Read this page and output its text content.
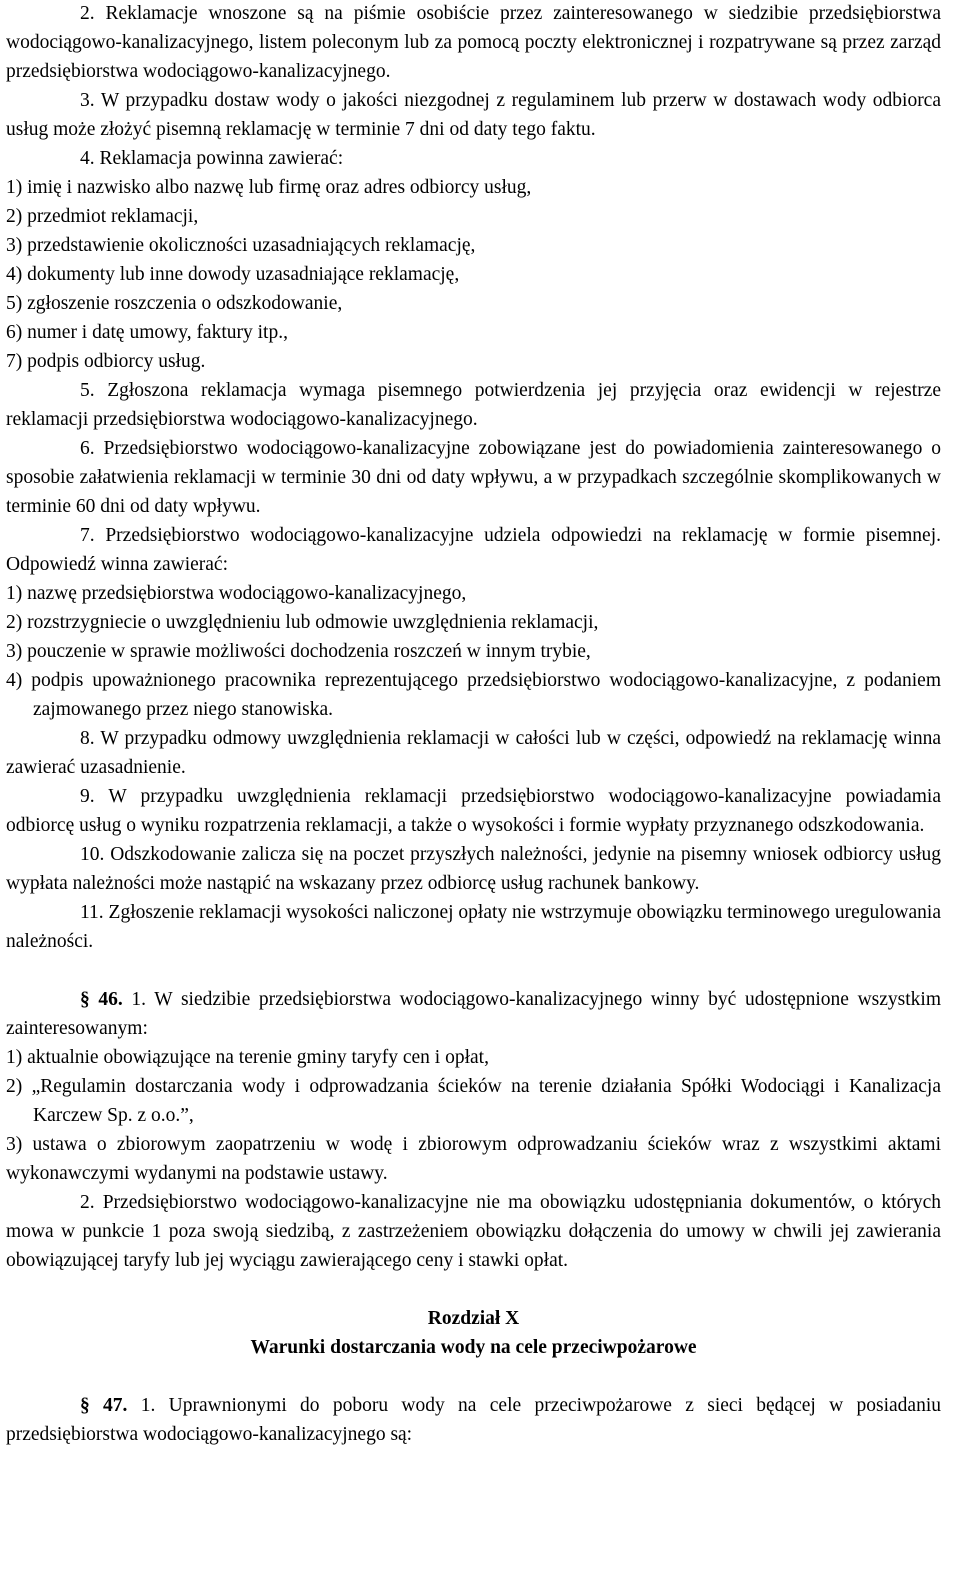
2. Reklamacje wnoszone są na piśmie osobiście przez zainteresowanego w siedzibie przedsiębiorstwa wodociągowo-kanalizacyjnego, listem poleconym lub za pomocą poczty elektronicznej i rozpatrywane są przez zarząd przedsiębiorstwa wodociągowo-kanalizacyjnego.

3. W przypadku dostaw wody o jakości niezgodnej z regulaminem lub przerw w dostawach wody odbiorca usług może złożyć pisemną reklamację w terminie 7 dni od daty tego faktu.

4. Reklamacja powinna zawierać:

1) imię i nazwisko albo nazwę lub firmę oraz adres odbiorcy usług,

2) przedmiot reklamacji,

3) przedstawienie okoliczności uzasadniających reklamację,

4) dokumenty lub inne dowody uzasadniające reklamację,

5) zgłoszenie roszczenia o odszkodowanie,

6) numer i datę umowy, faktury itp.,

7) podpis odbiorcy usług.

5. Zgłoszona reklamacja wymaga pisemnego potwierdzenia jej przyjęcia oraz ewidencji w rejestrze reklamacji przedsiębiorstwa wodociągowo-kanalizacyjnego.

6. Przedsiębiorstwo wodociągowo-kanalizacyjne zobowiązane jest do powiadomienia zainteresowanego o sposobie załatwienia reklamacji w terminie 30 dni od daty wpływu, a w przypadkach szczególnie skomplikowanych w terminie 60 dni od daty wpływu.

7. Przedsiębiorstwo wodociągowo-kanalizacyjne udziela odpowiedzi na reklamację w formie pisemnej. Odpowiedź winna zawierać:

1) nazwę przedsiębiorstwa wodociągowo-kanalizacyjnego,

2) rozstrzygniecie o uwzględnieniu lub odmowie uwzględnienia reklamacji,

3) pouczenie w sprawie możliwości dochodzenia roszczeń w innym trybie,

4) podpis upoważnionego pracownika reprezentującego przedsiębiorstwo wodociągowo-kanalizacyjne, z podaniem zajmowanego przez niego stanowiska.

8. W przypadku odmowy uwzględnienia reklamacji w całości lub w części, odpowiedź na reklamację winna zawierać uzasadnienie.

9. W przypadku uwzględnienia reklamacji przedsiębiorstwo wodociągowo-kanalizacyjne powiadamia odbiorcę usług o wyniku rozpatrzenia reklamacji, a także o wysokości i formie wypłaty przyznanego odszkodowania.

10. Odszkodowanie zalicza się na poczet przyszłych należności, jedynie na pisemny wniosek odbiorcy usług wypłata należności może nastąpić na wskazany przez odbiorcę usług rachunek bankowy.

11. Zgłoszenie reklamacji wysokości naliczonej opłaty nie wstrzymuje obowiązku terminowego uregulowania należności.

§ 46. 1. W siedzibie przedsiębiorstwa wodociągowo-kanalizacyjnego winny być udostępnione wszystkim zainteresowanym:

1) aktualnie obowiązujące na terenie gminy taryfy cen i opłat,

2) „Regulamin dostarczania wody i odprowadzania ścieków na terenie działania Spółki Wodociągi i Kanalizacja Karczew Sp. z o.o.”,

3) ustawa o zbiorowym zaopatrzeniu w wodę i zbiorowym odprowadzaniu ścieków wraz z wszystkimi aktami wykonawczymi wydanymi na podstawie ustawy.

2. Przedsiębiorstwo wodociągowo-kanalizacyjne nie ma obowiązku udostępniania dokumentów, o których mowa w punkcie 1 poza swoją siedzibą, z zastrzeżeniem obowiązku dołączenia do umowy w chwili jej zawierania obowiązującej taryfy lub jej wyciągu zawierającego ceny i stawki opłat.

Rozdział X

Warunki dostarczania wody na cele przeciwpożarowe

§ 47. 1. Uprawnionymi do poboru wody na cele przeciwpożarowe z sieci będącej w posiadaniu przedsiębiorstwa wodociągowo-kanalizacyjnego są:
